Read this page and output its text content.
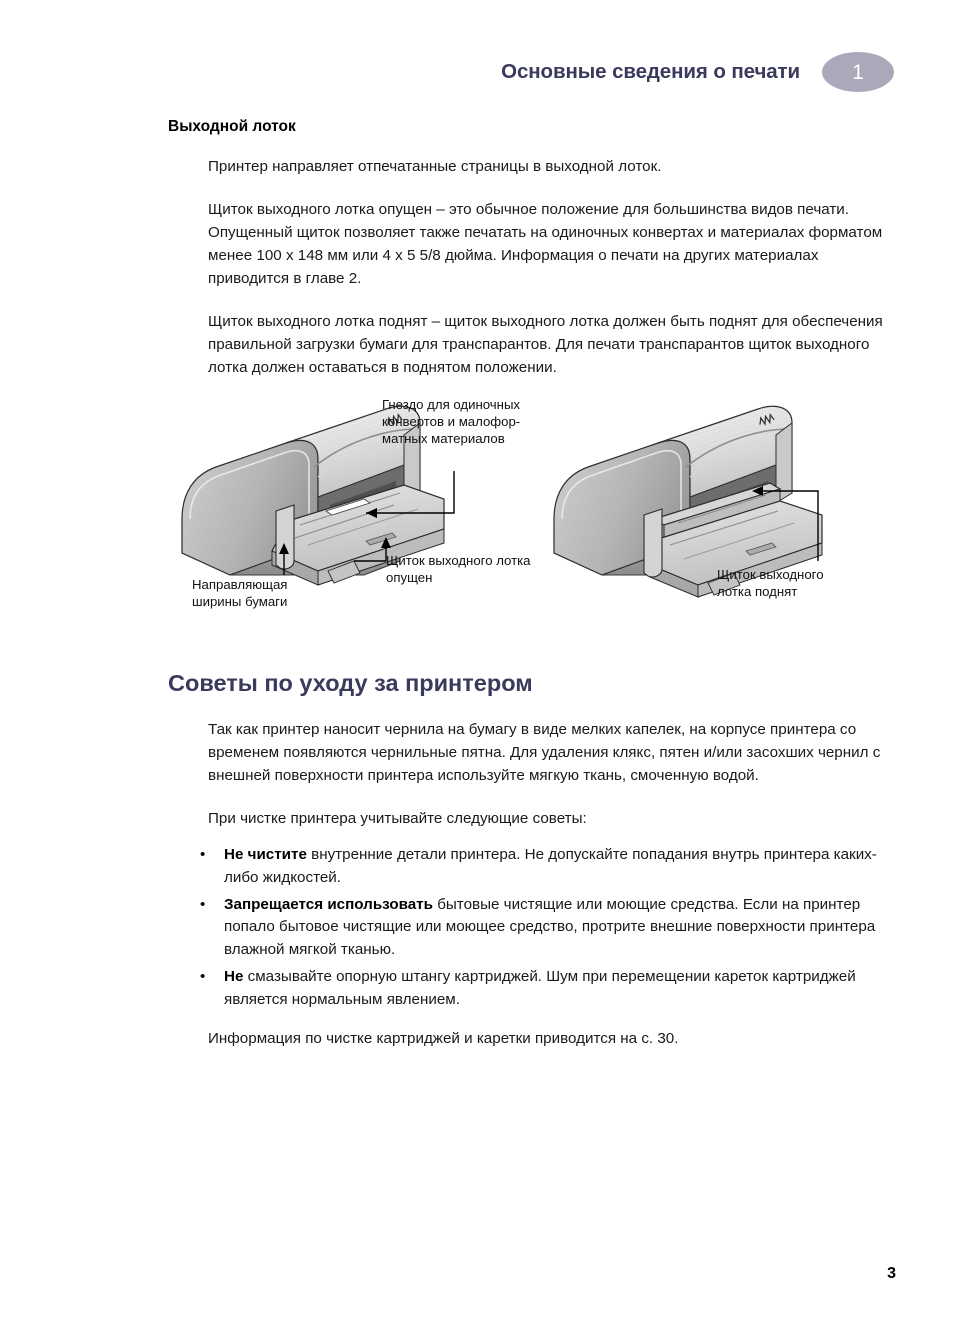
Основные сведения о печати 1
Выходной лоток

Принтер направляет отпечатанные страницы в выходной лоток.

Щиток выходного лотка опущен – это обычное положение для большинства видов печати. Опущенный щиток позволяет также печатать на одиночных конвертах и материалах форматом менее 100 x 148 мм или 4 x 5 5/8 дюйма. Информация о печати на других материалах приводится в главе 2.

Щиток выходного лотка поднят – щиток выходного лотка должен быть поднят для обеспечения правильной загрузки бумаги для транспарантов. Для печати транспарантов щиток выходного лотка должен оставаться в поднятом положении.

Гнездо для одиночных
конвертов и малофор-
матных материалов
Щиток выходного лотка
опущен
Направляющая
ширины бумаги
Щиток выходного
лотка поднят
Советы по уходу за принтером

Так как принтер наносит чернила на бумагу в виде мелких капелек, на корпусе принтера со временем появляются чернильные пятна. Для удаления клякс, пятен и/или засохших чернил с внешней поверхности принтера используйте мягкую ткань, смоченную водой.

При чистке принтера учитывайте следующие советы:

• Не чистите внутренние детали принтера. Не допускайте попадания внутрь принтера каких-либо жидкостей.
• Запрещается использовать бытовые чистящие или моющие средства. Если на принтер попало бытовое чистящие или моющее средство, протрите внешние поверхности принтера влажной мягкой тканью.
• Не смазывайте опорную штангу картриджей. Шум при перемещении кареток картриджей является нормальным явлением.

Информация по чистке картриджей и каретки приводится на с. 30.

3
